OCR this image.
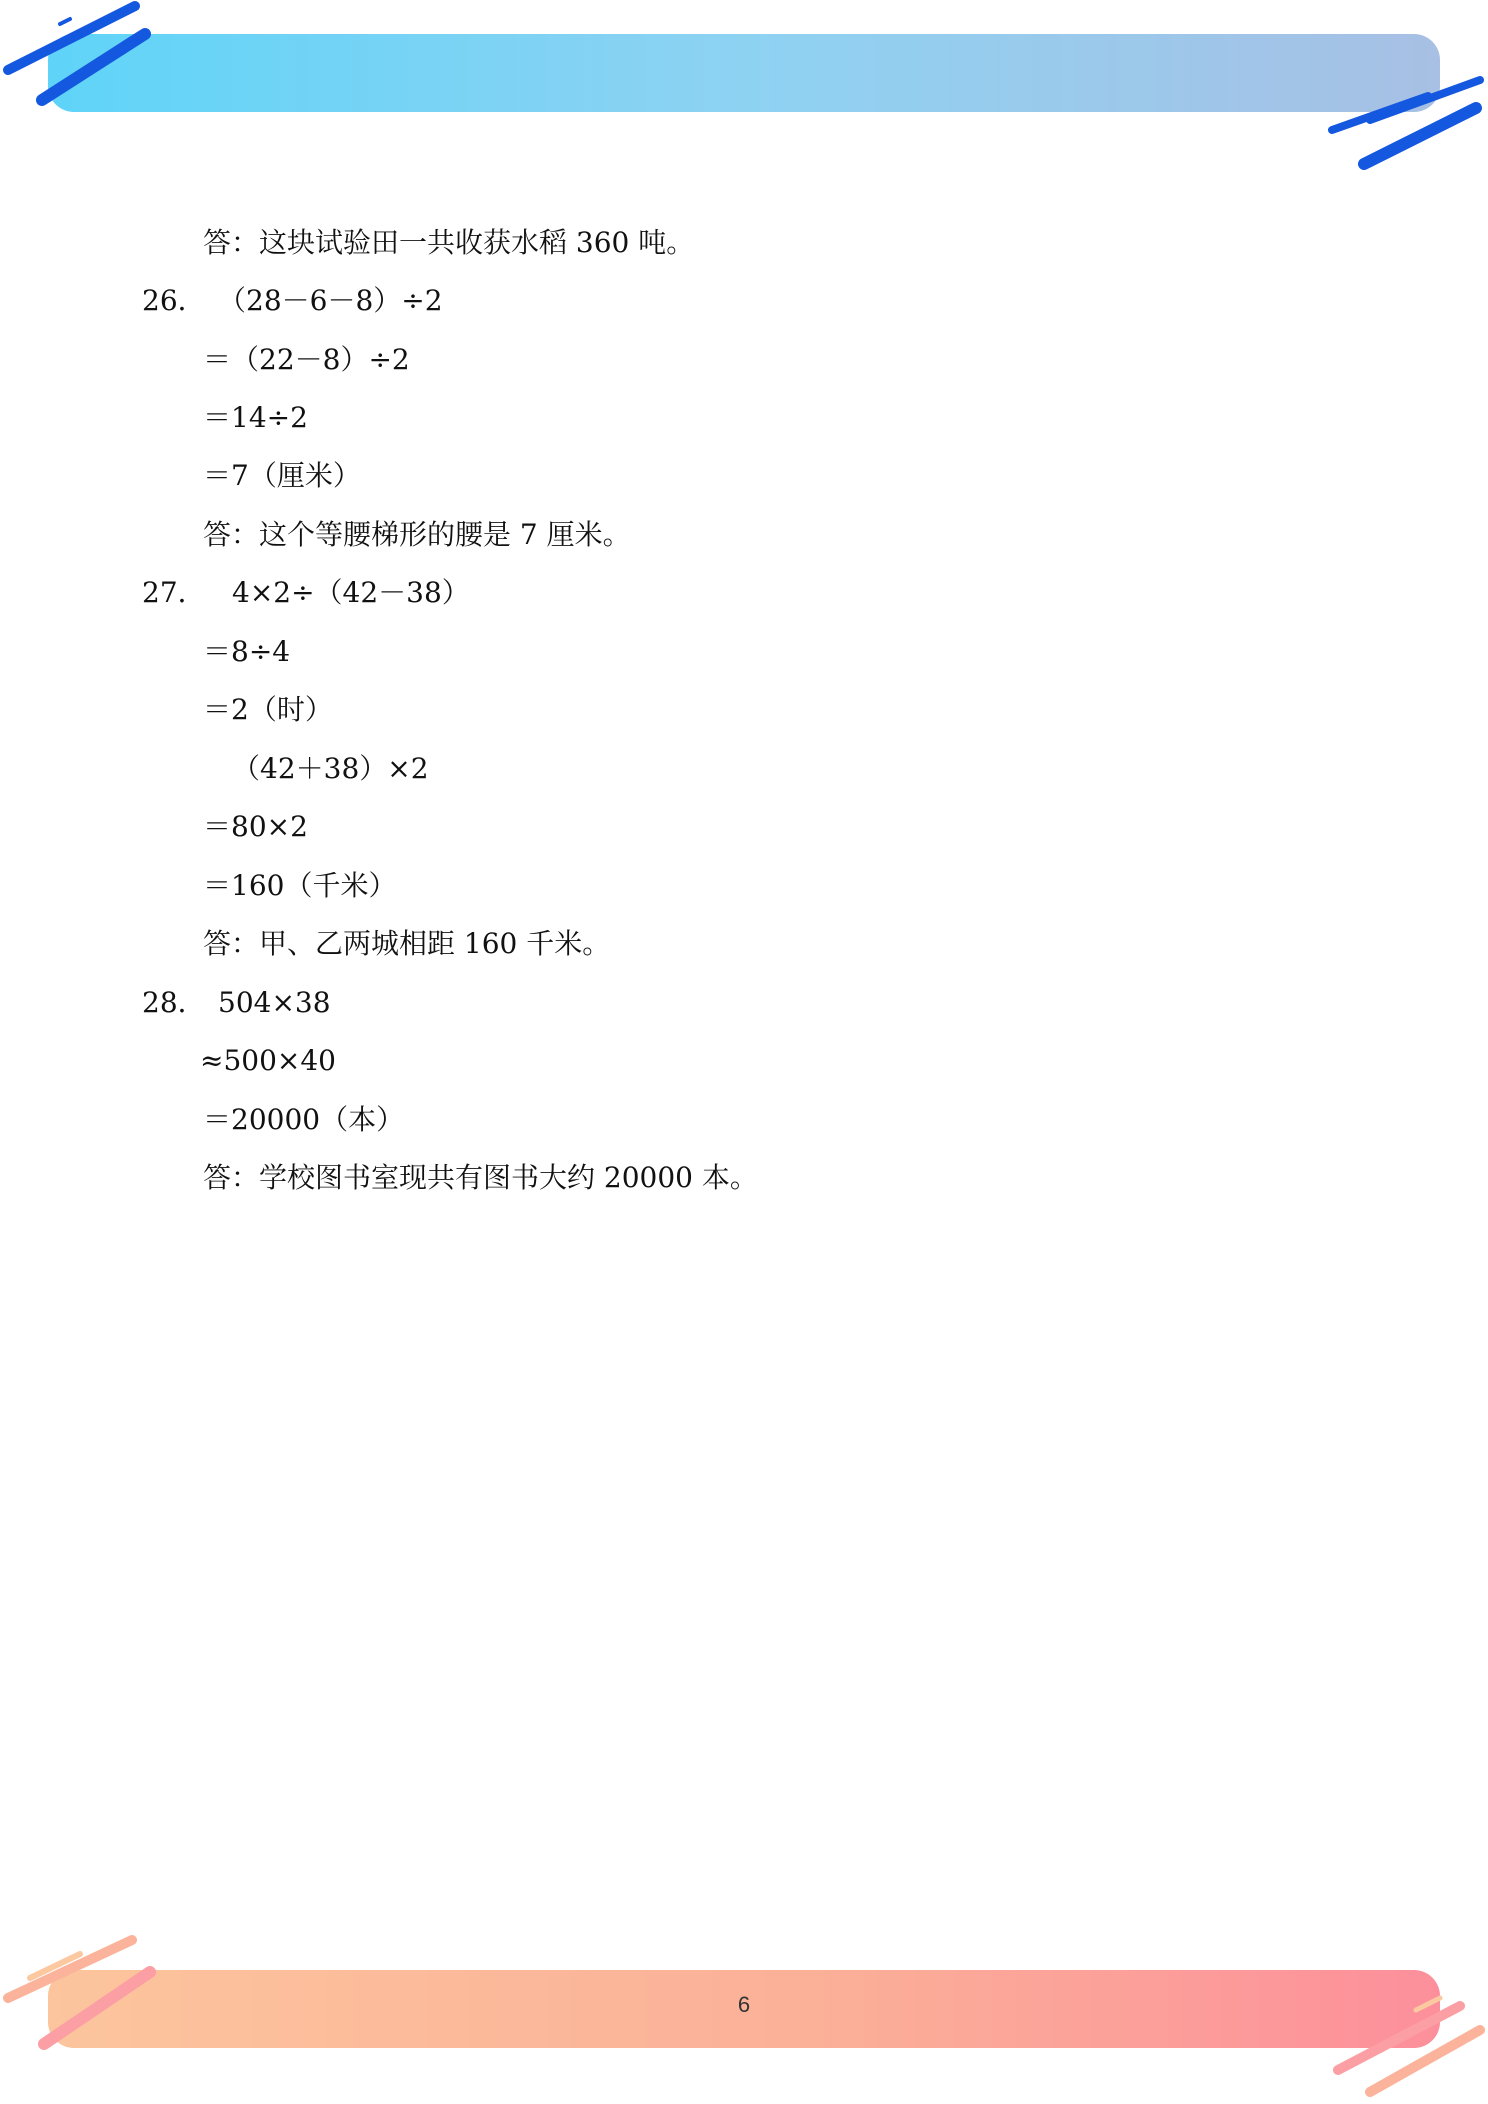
答：这块试验田一共收获水稻 360 吨。
26． （28－6－8）÷2
＝（22－8）÷2
＝14÷2
＝7（厘米）
答：这个等腰梯形的腰是 7 厘米。
27． 4×2÷（42－38）
＝8÷4
＝2（时）
（42＋38）×2
＝80×2
＝160（千米）
答：甲、乙两城相距 160 千米。
28． 504×38
≈500×40
＝20000（本）
答：学校图书室现共有图书大约 20000 本。
6
